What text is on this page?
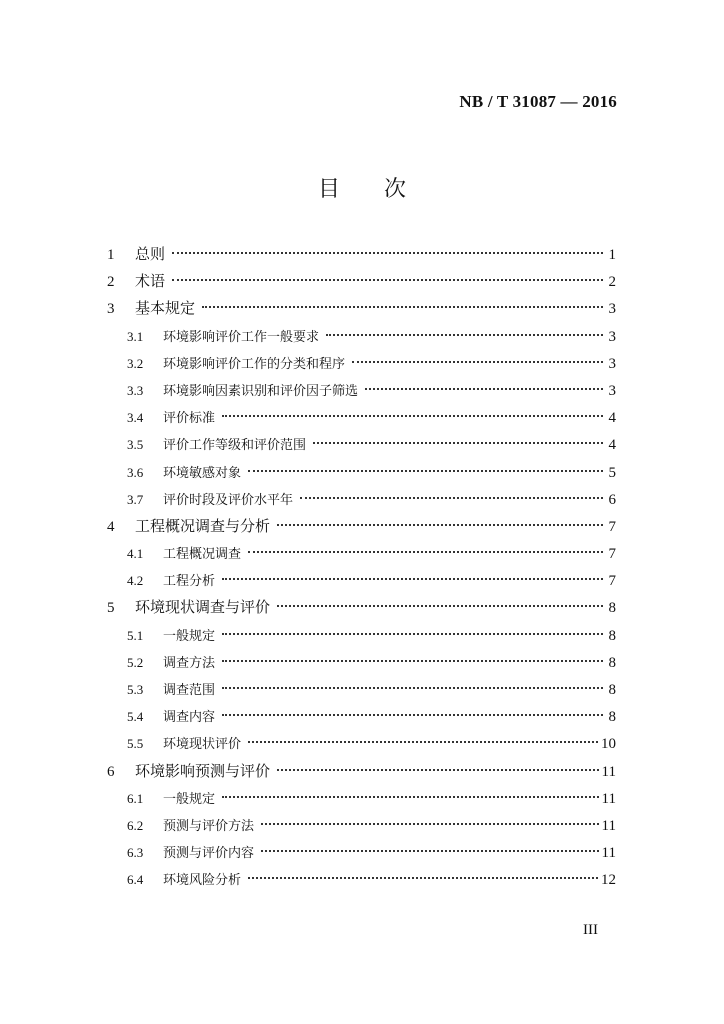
NB / T 31087 — 2016
目次
1	总则	1
2	术语	2
3	基本规定	3
3.1	环境影响评价工作一般要求	3
3.2	环境影响评价工作的分类和程序	3
3.3	环境影响因素识别和评价因子筛选	3
3.4	评价标准	4
3.5	评价工作等级和评价范围	4
3.6	环境敏感对象	5
3.7	评价时段及评价水平年	6
4	工程概况调查与分析	7
4.1	工程概况调查	7
4.2	工程分析	7
5	环境现状调查与评价	8
5.1	一般规定	8
5.2	调查方法	8
5.3	调查范围	8
5.4	调查内容	8
5.5	环境现状评价	10
6	环境影响预测与评价	11
6.1	一般规定	11
6.2	预测与评价方法	11
6.3	预测与评价内容	11
6.4	环境风险分析	12
III
